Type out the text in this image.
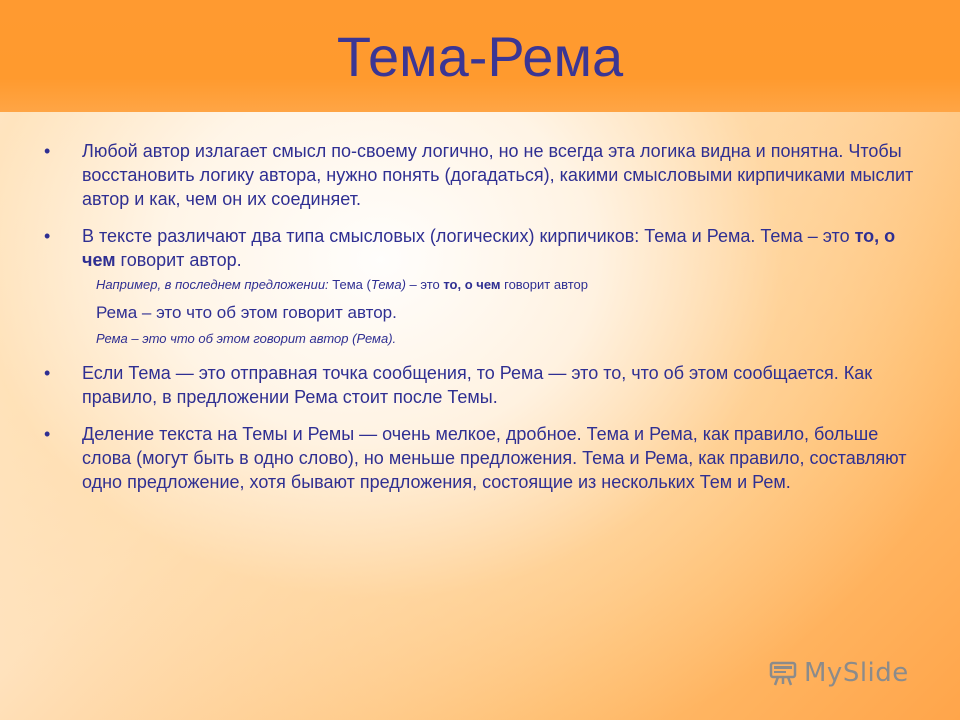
Тема-Рема
• Любой автор излагает смысл по-своему логично, но не всегда эта логика видна и понятна. Чтобы восстановить логику автора, нужно понять (догадаться), какими смысловыми кирпичиками мыслит автор и как, чем он их соединяет.
• В тексте различают два типа смысловых (логических) кирпичиков: Тема и Рема. Тема – это то, о чем говорит автор.
Например, в последнем предложении: Тема (Тема) – это то, о чем говорит автор
Рема – это что об этом говорит автор.
Рема – это что об этом говорит автор (Рема).
• Если Тема — это отправная точка сообщения, то Рема — это то, что об этом сообщается. Как правило, в предложении Рема стоит после Темы.
• Деление текста на Темы и Ремы — очень мелкое, дробное. Тема и Рема, как правило, больше слова (могут быть в одно слово), но меньше предложения. Тема и Рема, как правило, составляют одно предложение, хотя бывают предложения, состоящие из нескольких Тем и Рем.
MySlide
